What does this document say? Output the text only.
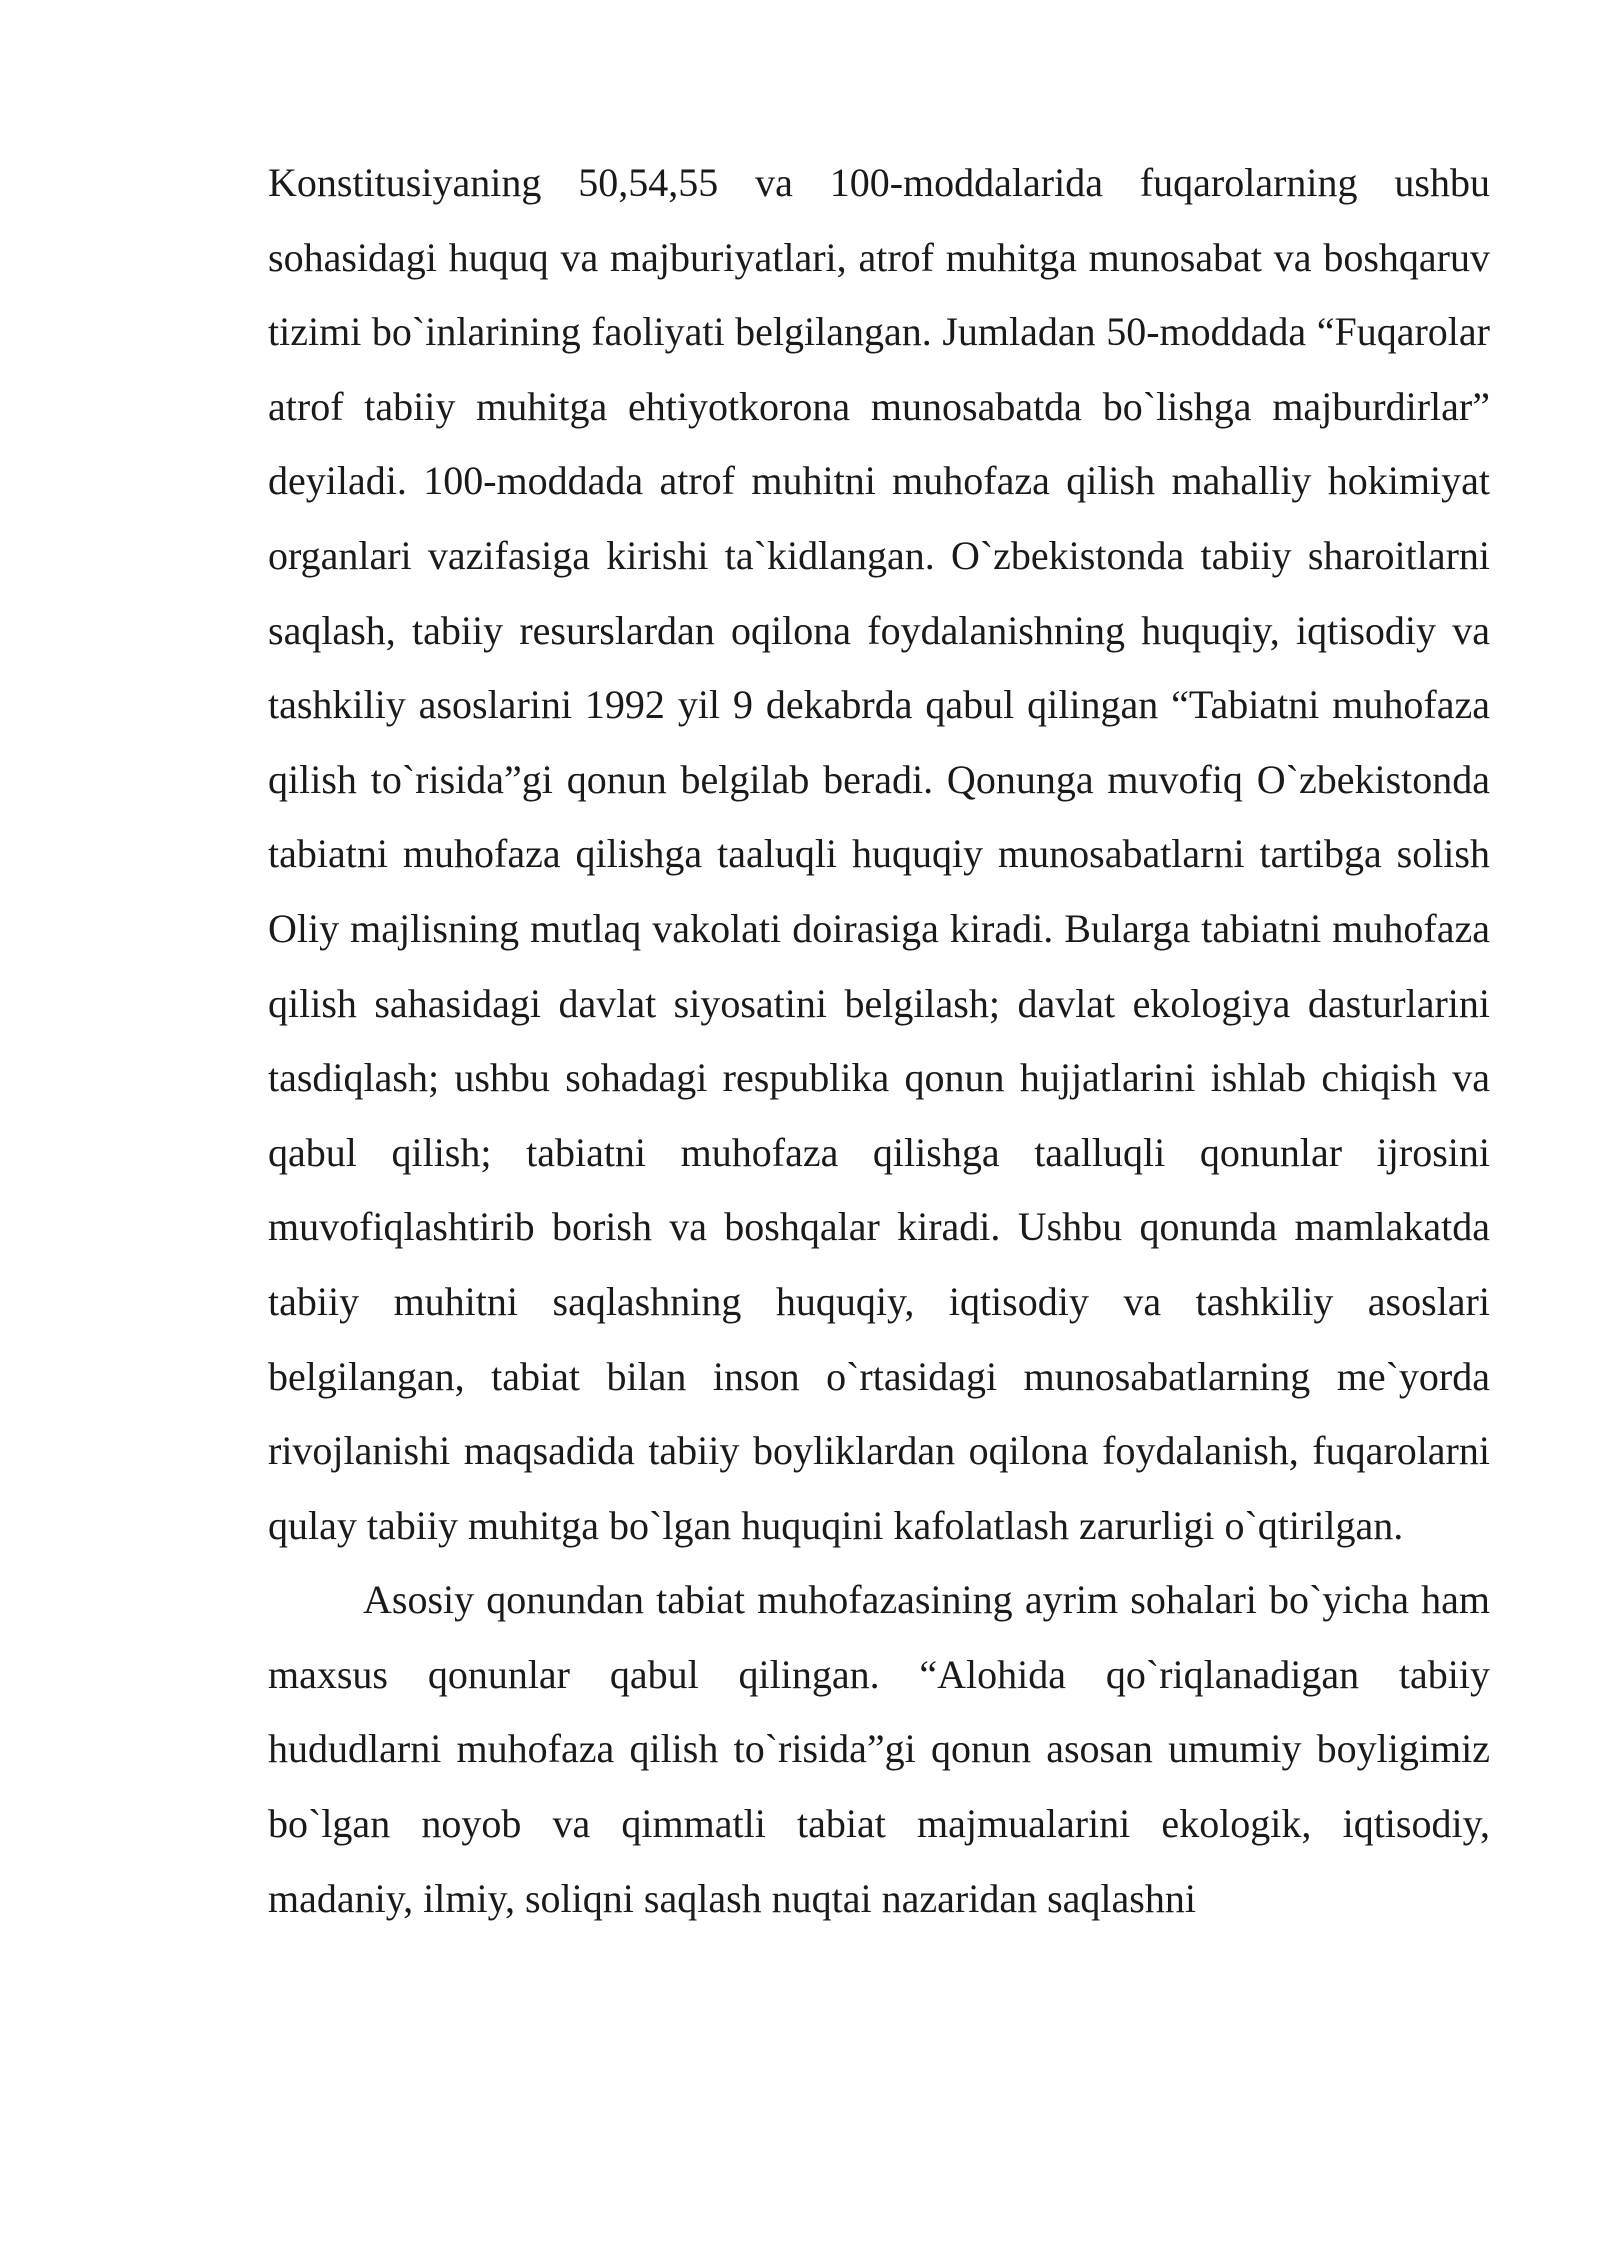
Konstitusiyaning 50,54,55 va 100-moddalarida fuqarolarning ushbu sohasidagi huquq va majburiyatlari, atrof muhitga munosabat va boshqaruv tizimi bo`inlarining faoliyati belgilangan. Jumladan 50-moddada “Fuqarolar atrof tabiiy muhitga ehtiyotkorona munosabatda bo`lishga majburdirlar” deyiladi. 100-moddada atrof muhitni muhofaza qilish mahalliy hokimiyat organlari vazifasiga kirishi ta`kidlangan. O`zbekistonda tabiiy sharoitlarni saqlash, tabiiy resurslardan oqilona foydalanishning huquqiy, iqtisodiy va tashkiliy asoslarini 1992 yil 9 dekabrda qabul qilingan “Tabiatni muhofaza qilish to`risida”gi qonun belgilab beradi. Qonunga muvofiq O`zbekistonda tabiatni muhofaza qilishga taaluqli huquqiy munosabatlarni tartibga solish Oliy majlisning mutlaq vakolati doirasiga kiradi. Bularga tabiatni muhofaza qilish sahasidagi davlat siyosatini belgilash; davlat ekologiya dasturlarini tasdiqlash; ushbu sohadagi respublika qonun hujjatlarini ishlab chiqish va qabul qilish; tabiatni muhofaza qilishga taalluqli qonunlar ijrosini muvofiqlashtirib borish va boshqalar kiradi. Ushbu qonunda mamlakatda tabiiy muhitni saqlashning huquqiy, iqtisodiy va tashkiliy asoslari belgilangan, tabiat bilan inson o`rtasidagi munosabatlarning me`yorda rivojlanishi maqsadida tabiiy boyliklardan oqilona foydalanish, fuqarolarni qulay tabiiy muhitga bo`lgan huquqini kafolatlash zarurligi o`qtirilgan.

Asosiy qonundan tabiat muhofazasining ayrim sohalari bo`yicha ham maxsus qonunlar qabul qilingan. “Alohida qo`riqlanadigan tabiiy hududlarni muhofaza qilish to`risida”gi qonun asosan umumiy boyligimiz bo`lgan noyob va qimmatli tabiat majmualarini ekologik, iqtisodiy, madaniy, ilmiy, soliqni saqlash nuqtai nazaridan saqlashni
